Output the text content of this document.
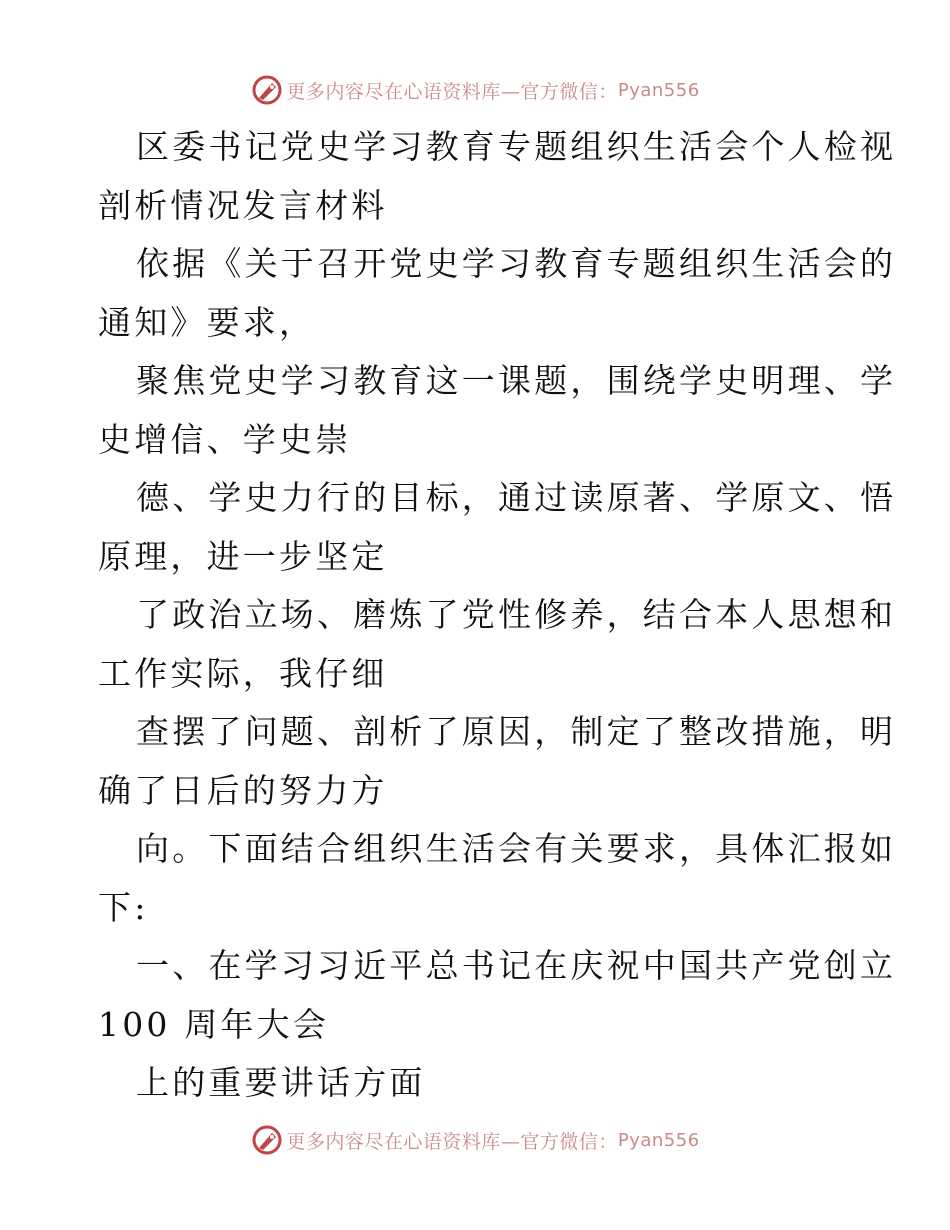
更多内容尽在心语资料库—官方微信： Pyan556
区委书记党史学习教育专题组织生活会个人检视
剖析情况发言材料
依据《关于召开党史学习教育专题组织生活会的
通知》要求，
聚焦党史学习教育这一课题，围绕学史明理、学
史增信、学史崇
德、学史力行的目标，通过读原著、学原文、悟
原理，进一步坚定
了政治立场、磨炼了党性修养，结合本人思想和
工作实际，我仔细
查摆了问题、剖析了原因，制定了整改措施，明
确了日后的努力方
向。下面结合组织生活会有关要求，具体汇报如
下:
一、在学习习近平总书记在庆祝中国共产党创立
100 周年大会
上的重要讲话方面
更多内容尽在心语资料库—官方微信： Pyan556
